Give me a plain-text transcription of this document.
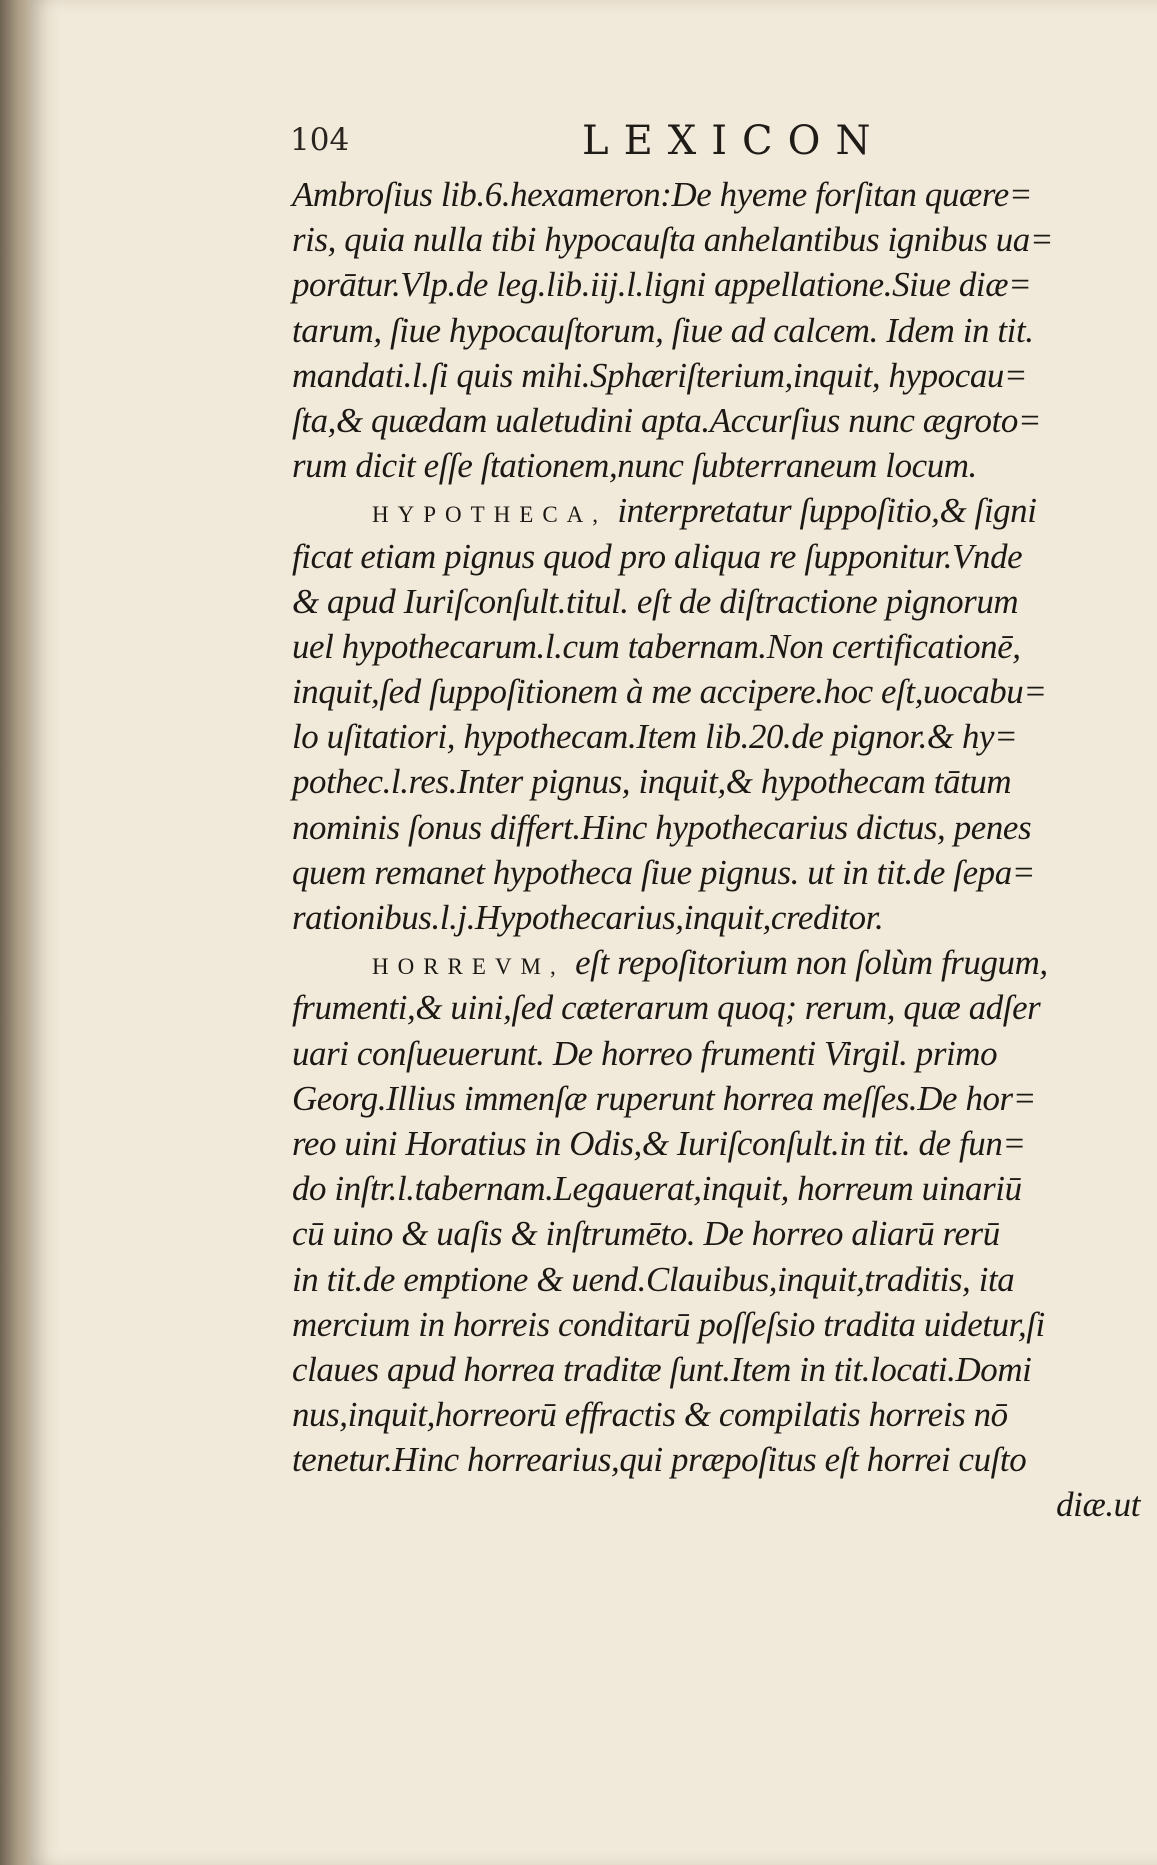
104	LEXICON
Ambroſius lib.6.hexameron:De hyeme forſitan quære=
ris, quia nulla tibi hypocauſta anhelantibus ignibus ua=
porātur.Vlp.de leg.lib.iij.l.ligni appellatione.Siue diæ=
tarum, ſiue hypocauſtorum, ſiue ad calcem. Idem in tit.
mandati.l.ſi quis mihi.Sphæriſterium,inquit, hypocau=
ſta,& quædam ualetudini apta.Accurſius nunc ægroto=
rum dicit eſſe ſtationem,nunc ſubterraneum locum.
HYPOTHECA, interpretatur ſuppoſitio,& ſigni
ficat etiam pignus quod pro aliqua re ſupponitur.Vnde
& apud Iuriſconſult.titul. eſt de diſtractione pignorum
uel hypothecarum.l.cum tabernam.Non certificationē,
inquit,ſed ſuppoſitionem à me accipere.hoc eſt,uocabu=
lo uſitatiori, hypothecam.Item lib.20.de pignor.& hy=
pothec.l.res.Inter pignus, inquit,& hypothecam tātum
nominis ſonus differt.Hinc hypothecarius dictus, penes
quem remanet hypotheca ſiue pignus. ut in tit.de ſepa=
rationibus.l.j.Hypothecarius,inquit,creditor.
HORREVM, eſt repoſitorium non ſolùm frugum,
frumenti,& uini,ſed cæterarum quoq; rerum, quæ adſer
uari conſueuerunt. De horreo frumenti Virgil. primo
Georg.Illius immenſæ ruperunt horrea meſſes.De hor=
reo uini Horatius in Odis,& Iuriſconſult.in tit. de fun=
do inſtr.l.tabernam.Legauerat,inquit, horreum uinariū
cū uino & uaſis & inſtrumēto. De horreo aliarū rerū
in tit.de emptione & uend.Clauibus,inquit,traditis, ita
mercium in horreis conditarū poſſeſsio tradita uidetur,ſi
claues apud horrea traditæ ſunt.Item in tit.locati.Domi
nus,inquit,horreorū effractis & compilatis horreis nō
tenetur.Hinc horrearius,qui præpoſitus eſt horrei cuſto
diæ.ut
